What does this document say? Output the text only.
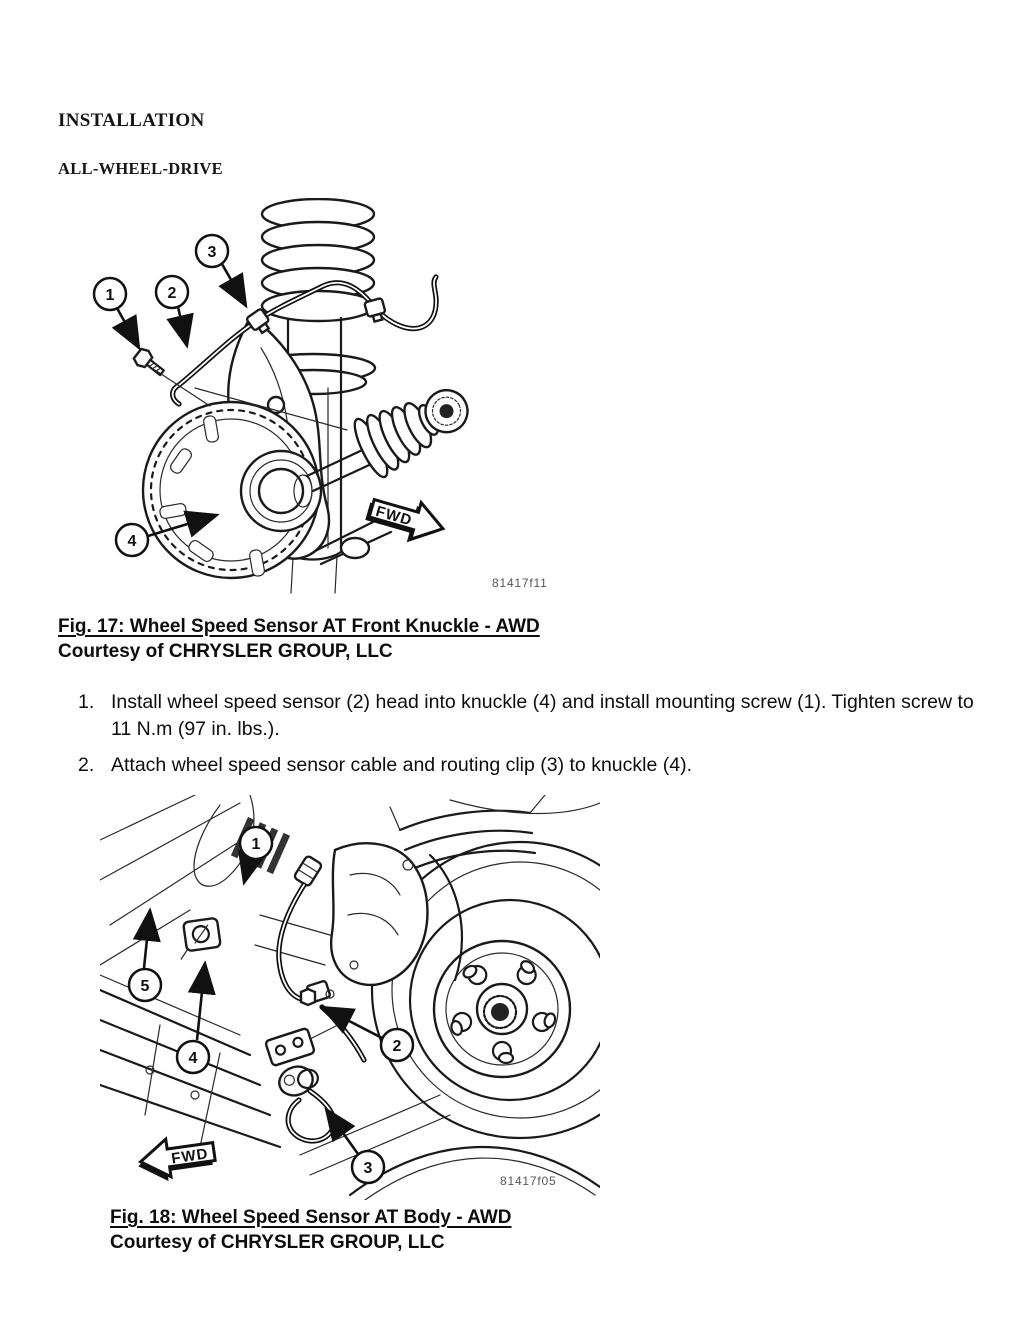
INSTALLATION
ALL-WHEEL-DRIVE
1	2
3
4
FWD
81417f11
Fig. 17: Wheel Speed Sensor AT Front Knuckle - AWD
Courtesy of CHRYSLER GROUP, LLC
1. Install wheel speed sensor (2) head into knuckle (4) and install mounting screw (1). Tighten screw to 11 N.m (97 in. lbs.).
2. Attach wheel speed sensor cable and routing clip (3) to knuckle (4).
1
2
3
4
5
FWD
81417f05
Fig. 18: Wheel Speed Sensor AT Body - AWD
Courtesy of CHRYSLER GROUP, LLC
